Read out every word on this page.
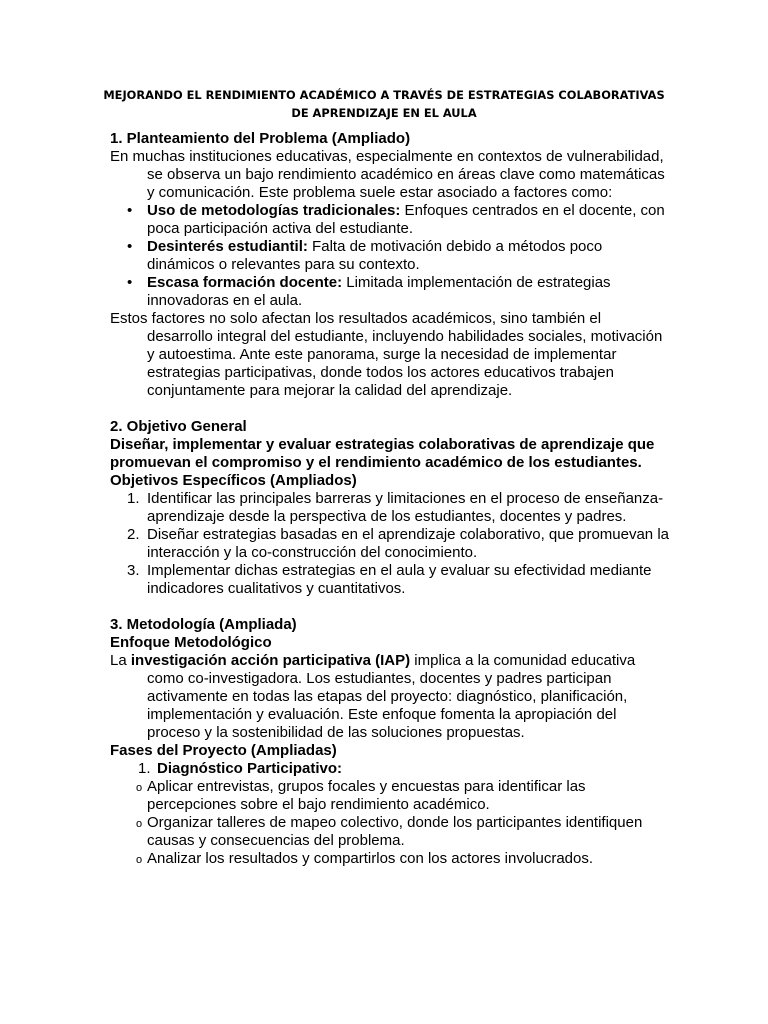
MEJORANDO EL RENDIMIENTO ACADÉMICO A TRAVÉS DE ESTRATEGIAS COLABORATIVAS DE APRENDIZAJE EN EL AULA
1. Planteamiento del Problema (Ampliado)
En muchas instituciones educativas, especialmente en contextos de vulnerabilidad, se observa un bajo rendimiento académico en áreas clave como matemáticas y comunicación. Este problema suele estar asociado a factores como:
• Uso de metodologías tradicionales: Enfoques centrados en el docente, con poca participación activa del estudiante.
• Desinterés estudiantil: Falta de motivación debido a métodos poco dinámicos o relevantes para su contexto.
• Escasa formación docente: Limitada implementación de estrategias innovadoras en el aula.
Estos factores no solo afectan los resultados académicos, sino también el desarrollo integral del estudiante, incluyendo habilidades sociales, motivación y autoestima. Ante este panorama, surge la necesidad de implementar estrategias participativas, donde todos los actores educativos trabajen conjuntamente para mejorar la calidad del aprendizaje.
2. Objetivo General
Diseñar, implementar y evaluar estrategias colaborativas de aprendizaje que promuevan el compromiso y el rendimiento académico de los estudiantes.
Objetivos Específicos (Ampliados)
1. Identificar las principales barreras y limitaciones en el proceso de enseñanza-aprendizaje desde la perspectiva de los estudiantes, docentes y padres.
2. Diseñar estrategias basadas en el aprendizaje colaborativo, que promuevan la interacción y la co-construcción del conocimiento.
3. Implementar dichas estrategias en el aula y evaluar su efectividad mediante indicadores cualitativos y cuantitativos.
3. Metodología (Ampliada)
Enfoque Metodológico
La investigación acción participativa (IAP) implica a la comunidad educativa como co-investigadora. Los estudiantes, docentes y padres participan activamente en todas las etapas del proyecto: diagnóstico, planificación, implementación y evaluación. Este enfoque fomenta la apropiación del proceso y la sostenibilidad de las soluciones propuestas.
Fases del Proyecto (Ampliadas)
1. Diagnóstico Participativo:
o Aplicar entrevistas, grupos focales y encuestas para identificar las percepciones sobre el bajo rendimiento académico.
o Organizar talleres de mapeo colectivo, donde los participantes identifiquen causas y consecuencias del problema.
o Analizar los resultados y compartirlos con los actores involucrados.
